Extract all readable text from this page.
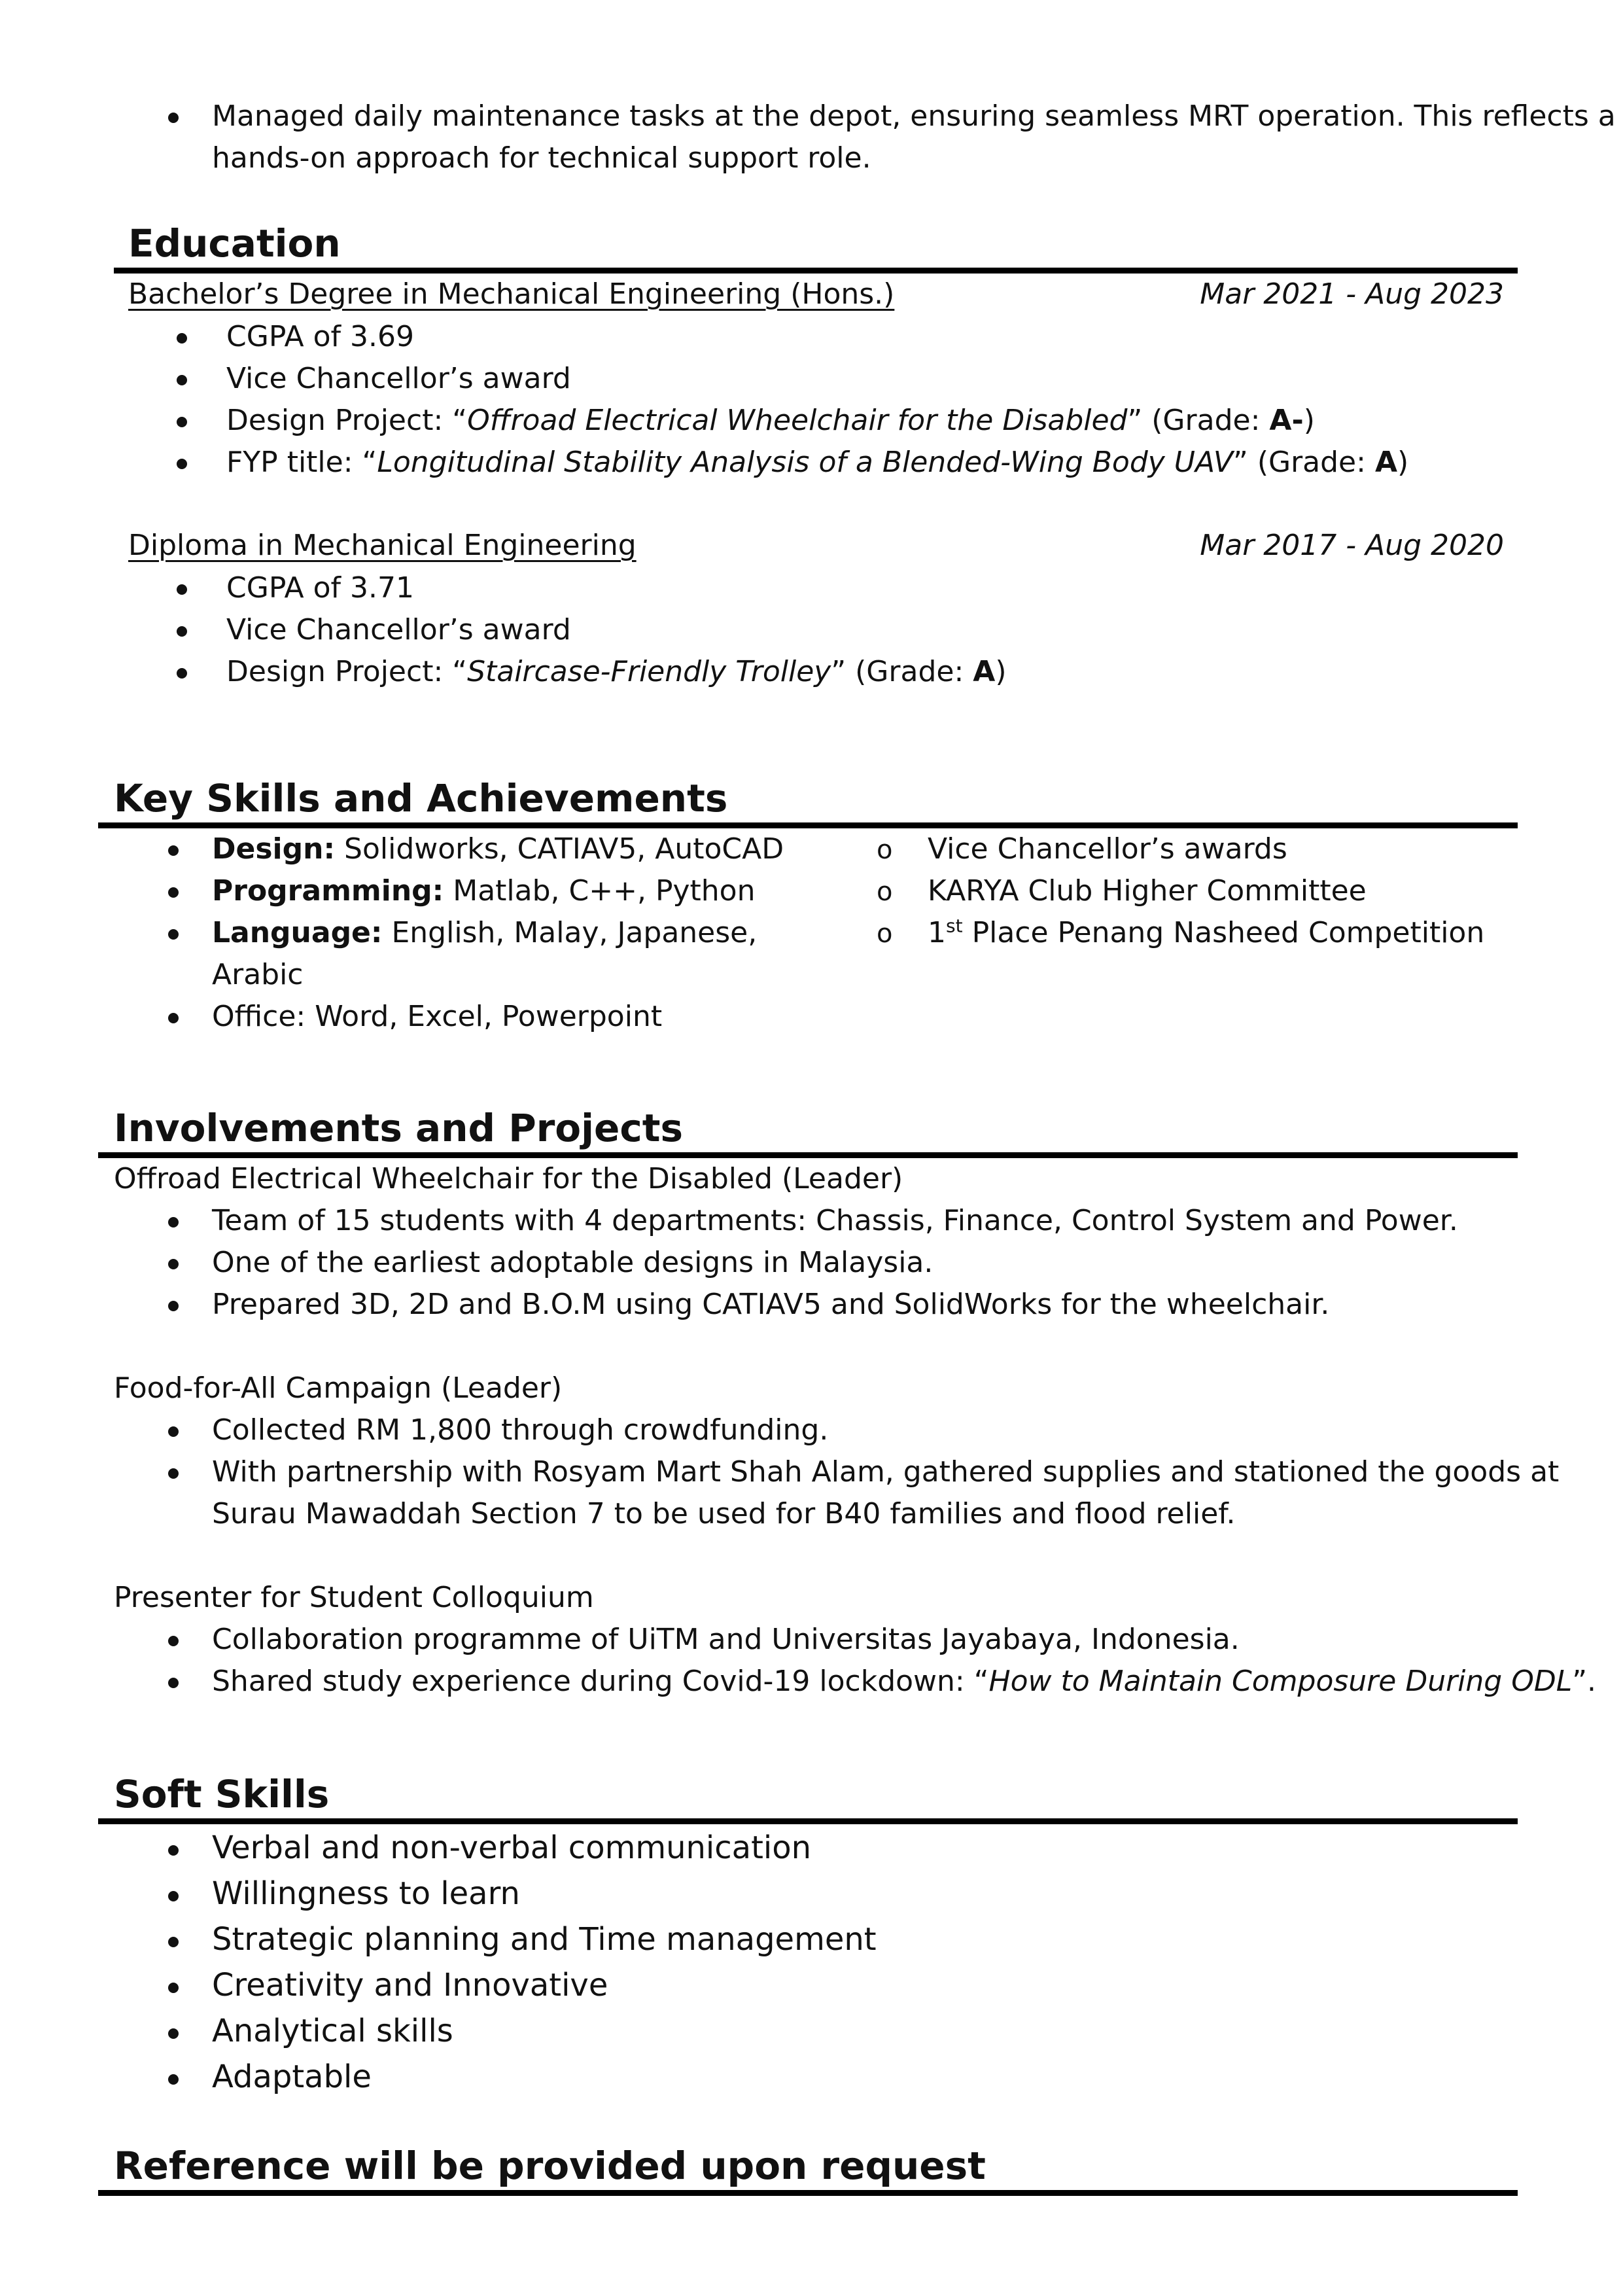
Managed daily maintenance tasks at the depot, ensuring seamless MRT operation. This reflects a
hands-on approach for technical support role.
Education
Bachelor’s Degree in Mechanical Engineering (Hons.)	Mar 2021 - Aug 2023
CGPA of 3.69
Vice Chancellor’s award
Design Project: “Offroad Electrical Wheelchair for the Disabled” (Grade: A-)
FYP title: “Longitudinal Stability Analysis of a Blended-Wing Body UAV” (Grade: A)
Diploma in Mechanical Engineering	Mar 2017 - Aug 2020
CGPA of 3.71
Vice Chancellor’s award
Design Project: “Staircase-Friendly Trolley” (Grade: A)
Key Skills and Achievements
Design: Solidworks, CATIAV5, AutoCAD
Programming: Matlab, C++, Python
Language: English, Malay, Japanese,
Arabic
Office: Word, Excel, Powerpoint
o Vice Chancellor’s awards
o KARYA Club Higher Committee
o 1st Place Penang Nasheed Competition
Involvements and Projects
Offroad Electrical Wheelchair for the Disabled (Leader)
Team of 15 students with 4 departments: Chassis, Finance, Control System and Power.
One of the earliest adoptable designs in Malaysia.
Prepared 3D, 2D and B.O.M using CATIAV5 and SolidWorks for the wheelchair.
Food-for-All Campaign (Leader)
Collected RM 1,800 through crowdfunding.
With partnership with Rosyam Mart Shah Alam, gathered supplies and stationed the goods at
Surau Mawaddah Section 7 to be used for B40 families and flood relief.
Presenter for Student Colloquium
Collaboration programme of UiTM and Universitas Jayabaya, Indonesia.
Shared study experience during Covid-19 lockdown: “How to Maintain Composure During ODL”.
Soft Skills
Verbal and non-verbal communication
Willingness to learn
Strategic planning and Time management
Creativity and Innovative
Analytical skills
Adaptable
Reference will be provided upon request
